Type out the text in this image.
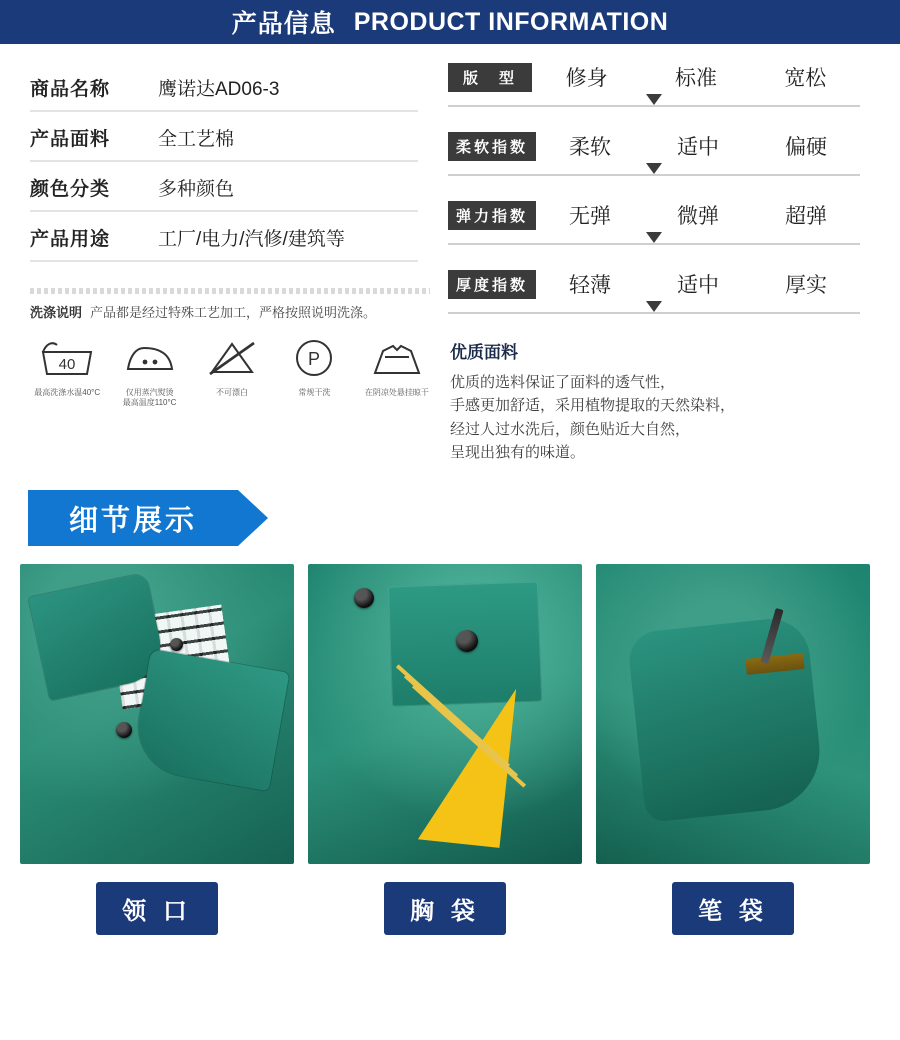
产品信息 PRODUCT INFORMATION
商品名称	鹰诺达AD06-3
产品面料	全工艺棉
颜色分类	多种颜色
产品用途	工厂/电力/汽修/建筑等
洗涤说明 产品都是经过特殊工艺加工，严格按照说明洗涤。
40
最高洗涤水温40°C	仅用蒸汽熨烫
最高温度110°C
不可漂白
P
常规干洗	在阴凉处悬挂晾干
版　型	修身	标准	宽松
柔软指数	柔软	适中	偏硬
弹力指数	无弹	微弹	超弹
厚度指数	轻薄	适中	厚实
优质面料
优质的选料保证了面料的透气性，
手感更加舒适，采用植物提取的天然染料，
经过人过水洗后，颜色贴近大自然，
呈现出独有的味道。
细节展示
领 口	胸 袋	笔 袋
